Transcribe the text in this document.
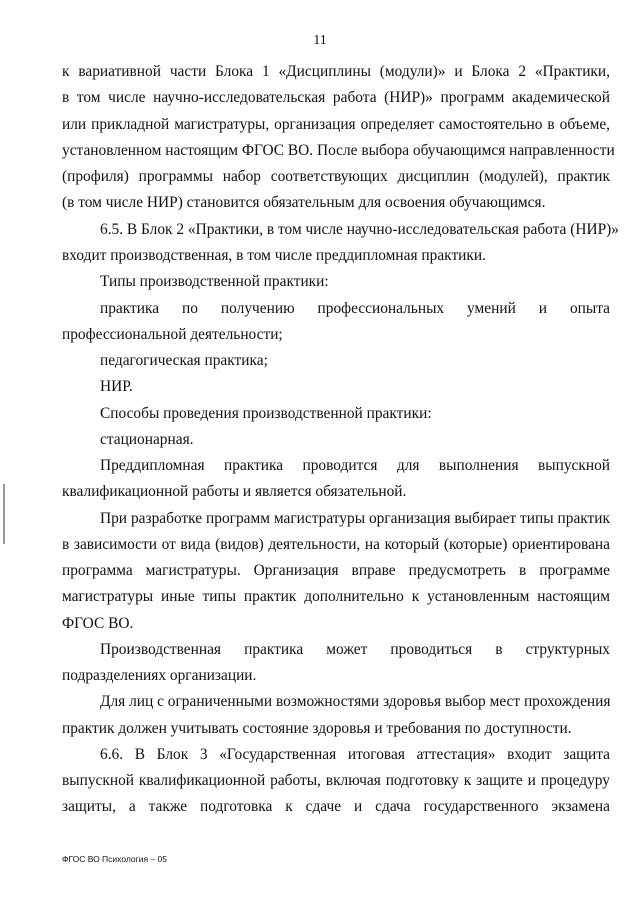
11
к вариативной части Блока 1 «Дисциплины (модули)» и Блока 2 «Практики,
в том числе научно-исследовательская работа (НИР)» программ академической
или прикладной магистратуры, организация определяет самостоятельно в объеме,
установленном настоящим ФГОС ВО. После выбора обучающимся направленности
(профиля) программы набор соответствующих дисциплин (модулей), практик
(в том числе НИР) становится обязательным для освоения обучающимся.
6.5. В Блок 2 «Практики, в том числе научно-исследовательская работа (НИР)»
входит производственная, в том числе преддипломная практики.
Типы производственной практики:
практика по получению профессиональных умений и опыта
профессиональной деятельности;
педагогическая практика;
НИР.
Способы проведения производственной практики:
стационарная.
Преддипломная практика проводится для выполнения выпускной
квалификационной работы и является обязательной.
При разработке программ магистратуры организация выбирает типы практик
в зависимости от вида (видов) деятельности, на который (которые) ориентирована
программа магистратуры. Организация вправе предусмотреть в программе
магистратуры иные типы практик дополнительно к установленным настоящим
ФГОС ВО.
Производственная практика может проводиться в структурных
подразделениях организации.
Для лиц с ограниченными возможностями здоровья выбор мест прохождения
практик должен учитывать состояние здоровья и требования по доступности.
6.6. В Блок 3 «Государственная итоговая аттестация» входит защита
выпускной квалификационной работы, включая подготовку к защите и процедуру
защиты, а также подготовка к сдаче и сдача государственного экзамена
ФГОС ВО Психология – 05
